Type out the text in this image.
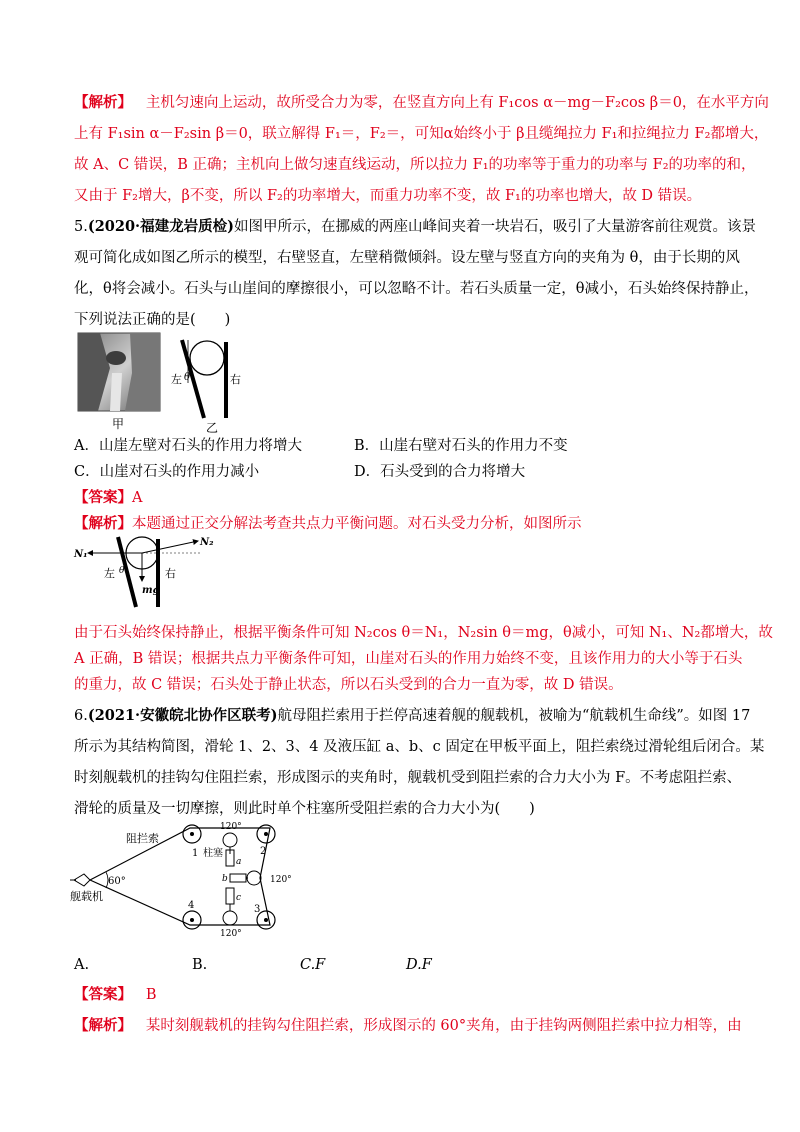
【解析】 主机匀速向上运动，故所受合力为零，在竖直方向上有 F₁cos α－mg－F₂cos β＝0，在水平方向
上有 F₁sin α－F₂sin β＝0，联立解得 F₁＝，F₂＝，可知α始终小于 β且缆绳拉力 F₁和拉绳拉力 F₂都增大，
故 A、C 错误，B 正确；主机向上做匀速直线运动，所以拉力 F₁的功率等于重力的功率与 F₂的功率的和，
又由于 F₂增大，β不变，所以 F₂的功率增大，而重力功率不变，故 F₁的功率也增大，故 D 错误。
5.(2020·福建龙岩质检)如图甲所示，在挪威的两座山峰间夹着一块岩石，吸引了大量游客前往观赏。该景
观可简化成如图乙所示的模型，右壁竖直，左壁稍微倾斜。设左壁与竖直方向的夹角为 θ，由于长期的风
化，θ将会减小。石头与山崖间的摩擦很小，可以忽略不计。若石头质量一定，θ减小，石头始终保持静止，
下列说法正确的是(　　)
甲
左 θ	右
乙
A．山崖左壁对石头的作用力将增大	B．山崖右壁对石头的作用力不变
C．山崖对石头的作用力减小	D．石头受到的合力将增大
【答案】A
【解析】本题通过正交分解法考查共点力平衡问题。对石头受力分析，如图所示
N₁
N₂
mg
左 θ	右
由于石头始终保持静止，根据平衡条件可知 N₂cos θ＝N₁，N₂sin θ＝mg，θ减小，可知 N₁、N₂都增大，故
A 正确，B 错误；根据共点力平衡条件可知，山崖对石头的作用力始终不变，且该作用力的大小等于石头
的重力，故 C 错误；石头处于静止状态，所以石头受到的合力一直为零，故 D 错误。
6.(2021·安徽皖北协作区联考)航母阻拦索用于拦停高速着舰的舰载机，被喻为“航载机生命线”。如图 17
所示为其结构简图，滑轮 1、2、3、4 及液压缸 a、b、c 固定在甲板平面上，阻拦索绕过滑轮组后闭合。某
时刻舰载机的挂钩勾住阻拦索，形成图示的夹角时，舰载机受到阻拦索的合力大小为 F。不考虑阻拦索、
滑轮的质量及一切摩擦，则此时单个柱塞所受阻拦索的合力大小为(　　)
阻拦索
舰载机
60°
120°
120°
120°
1 柱塞	2
3
4
a
b
c
A.	B.	C.F	D.F
【答案】 B
【解析】 某时刻舰载机的挂钩勾住阻拦索，形成图示的 60°夹角，由于挂钩两侧阻拦索中拉力相等，由
